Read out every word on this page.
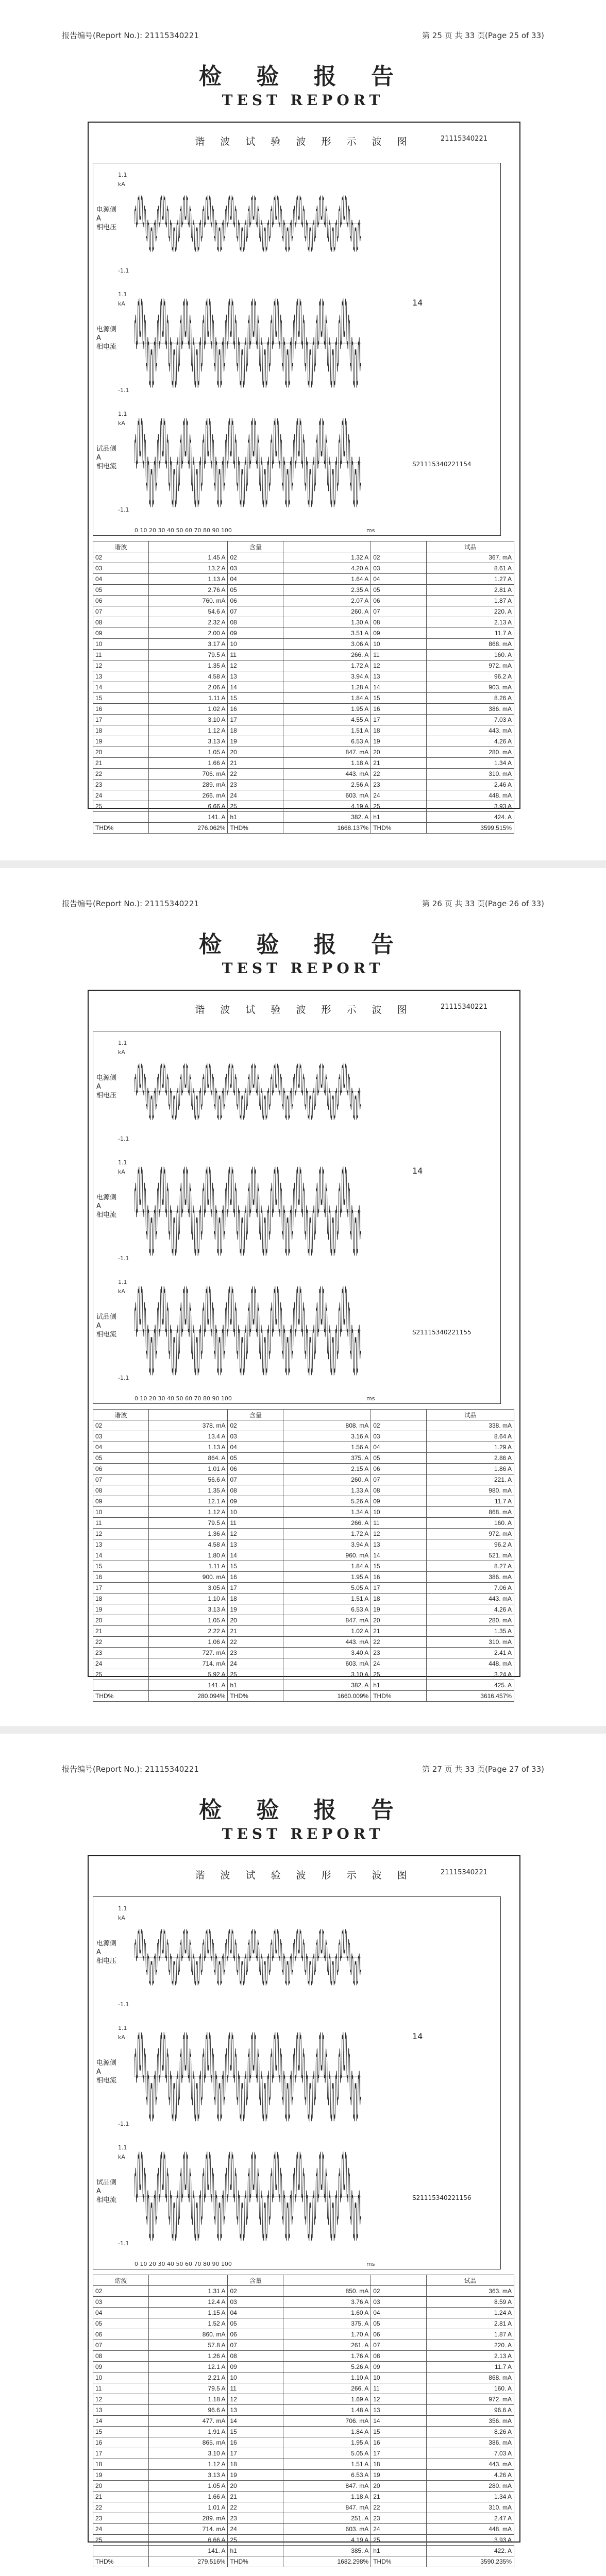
报告编号(Report No.): 21115340221	第 25 页 共 33 页(Page 25 of 33)
检 验 报 告
TEST REPORT
谐 波 试 验 波 形 示 波 图	21115340221
电源侧
A
相电压
1.1
kA
-1.1
电源侧
A
相电流
1.1
kA
-1.1
试品侧
A
相电流
1.1
kA
-1.1
0 10 20 30 40 50 60 70 80 90 100	ms
14
S21115340221154
谐波		含量			试品
02	1.45 A	02	1.32 A	02	367. mA
03	13.2 A	03	4.20 A	03	8.61 A
04	1.13 A	04	1.64 A	04	1.27 A
05	2.76 A	05	2.35 A	05	2.81 A
06	760. mA	06	2.07 A	06	1.87 A
07	54.6 A	07	260. A	07	220. A
08	2.32 A	08	1.30 A	08	2.13 A
09	2.00 A	09	3.51 A	09	11.7 A
10	3.17 A	10	3.06 A	10	868. mA
11	79.5 A	11	266. A	11	160. A
12	1.35 A	12	1.72 A	12	972. mA
13	4.58 A	13	3.94 A	13	96.2 A
14	2.06 A	14	1.28 A	14	903. mA
15	1.11 A	15	1.84 A	15	8.26 A
16	1.02 A	16	1.95 A	16	386. mA
17	3.10 A	17	4.55 A	17	7.03 A
18	1.12 A	18	1.51 A	18	443. mA
19	3.13 A	19	6.53 A	19	4.26 A
20	1.05 A	20	847. mA	20	280. mA
21	1.66 A	21	1.18 A	21	1.34 A
22	706. mA	22	443. mA	22	310. mA
23	289. mA	23	2.56 A	23	2.46 A
24	266. mA	24	603. mA	24	448. mA
25	6.66 A	25	4.19 A	25	3.93 A
	141. A	h1	382. A	h1	424. A
THD%	276.062%	THD%	1668.137%	THD%	3599.515%
报告编号(Report No.): 21115340221	第 26 页 共 33 页(Page 26 of 33)
检 验 报 告
TEST REPORT
谐 波 试 验 波 形 示 波 图	21115340221
电源侧
A
相电压
1.1
kA
-1.1
电源侧
A
相电流
1.1
kA
-1.1
试品侧
A
相电流
1.1
kA
-1.1
0 10 20 30 40 50 60 70 80 90 100	ms
14
S21115340221155
谐波		含量			试品
02	378. mA	02	808. mA	02	338. mA
03	13.4 A	03	3.16 A	03	8.64 A
04	1.13 A	04	1.56 A	04	1.29 A
05	864. A	05	375. A	05	2.86 A
06	1.01 A	06	2.15 A	06	1.86 A
07	56.6 A	07	260. A	07	221. A
08	1.35 A	08	1.33 A	08	980. mA
09	12.1 A	09	5.26 A	09	11.7 A
10	1.12 A	10	1.34 A	10	868. mA
11	79.5 A	11	266. A	11	160. A
12	1.36 A	12	1.72 A	12	972. mA
13	4.58 A	13	3.94 A	13	96.2 A
14	1.80 A	14	960. mA	14	521. mA
15	1.11 A	15	1.84 A	15	8.27 A
16	900. mA	16	1.95 A	16	386. mA
17	3.05 A	17	5.05 A	17	7.06 A
18	1.10 A	18	1.51 A	18	443. mA
19	3.13 A	19	6.53 A	19	4.26 A
20	1.05 A	20	847. mA	20	280. mA
21	2.22 A	21	1.02 A	21	1.35 A
22	1.06 A	22	443. mA	22	310. mA
23	727. mA	23	3.40 A	23	2.41 A
24	714. mA	24	603. mA	24	448. mA
25	5.92 A	25	3.10 A	25	3.24 A
	141. A	h1	382. A	h1	425. A
THD%	280.094%	THD%	1660.009%	THD%	3616.457%
报告编号(Report No.): 21115340221	第 27 页 共 33 页(Page 27 of 33)
检 验 报 告
TEST REPORT
谐 波 试 验 波 形 示 波 图	21115340221
电源侧
A
相电压
1.1
kA
-1.1
电源侧
A
相电流
1.1
kA
-1.1
试品侧
A
相电流
1.1
kA
-1.1
0 10 20 30 40 50 60 70 80 90 100	ms
14
S21115340221156
谐波		含量			试品
02	1.31 A	02	850. mA	02	363. mA
03	12.4 A	03	3.76 A	03	8.59 A
04	1.15 A	04	1.60 A	04	1.24 A
05	1.52 A	05	375. A	05	2.81 A
06	860. mA	06	1.70 A	06	1.87 A
07	57.8 A	07	261. A	07	220. A
08	1.26 A	08	1.76 A	08	2.13 A
09	12.1 A	09	5.26 A	09	11.7 A
10	2.21 A	10	1.10 A	10	868. mA
11	79.5 A	11	266. A	11	160. A
12	1.18 A	12	1.69 A	12	972. mA
13	96.6 A	13	1.48 A	13	96.6 A
14	477. mA	14	706. mA	14	356. mA
15	1.91 A	15	1.84 A	15	8.26 A
16	865. mA	16	1.95 A	16	386. mA
17	3.10 A	17	5.05 A	17	7.03 A
18	1.12 A	18	1.51 A	18	443. mA
19	3.13 A	19	6.53 A	19	4.26 A
20	1.05 A	20	847. mA	20	280. mA
21	1.66 A	21	1.18 A	21	1.34 A
22	1.01 A	22	847. mA	22	310. mA
23	289. mA	23	251. A	23	2.47 A
24	714. mA	24	603. mA	24	448. mA
25	6.66 A	25	4.19 A	25	3.93 A
	141. A	h1	385. A	h1	422. A
THD%	279.516%	THD%	1682.298%	THD%	3590.235%
